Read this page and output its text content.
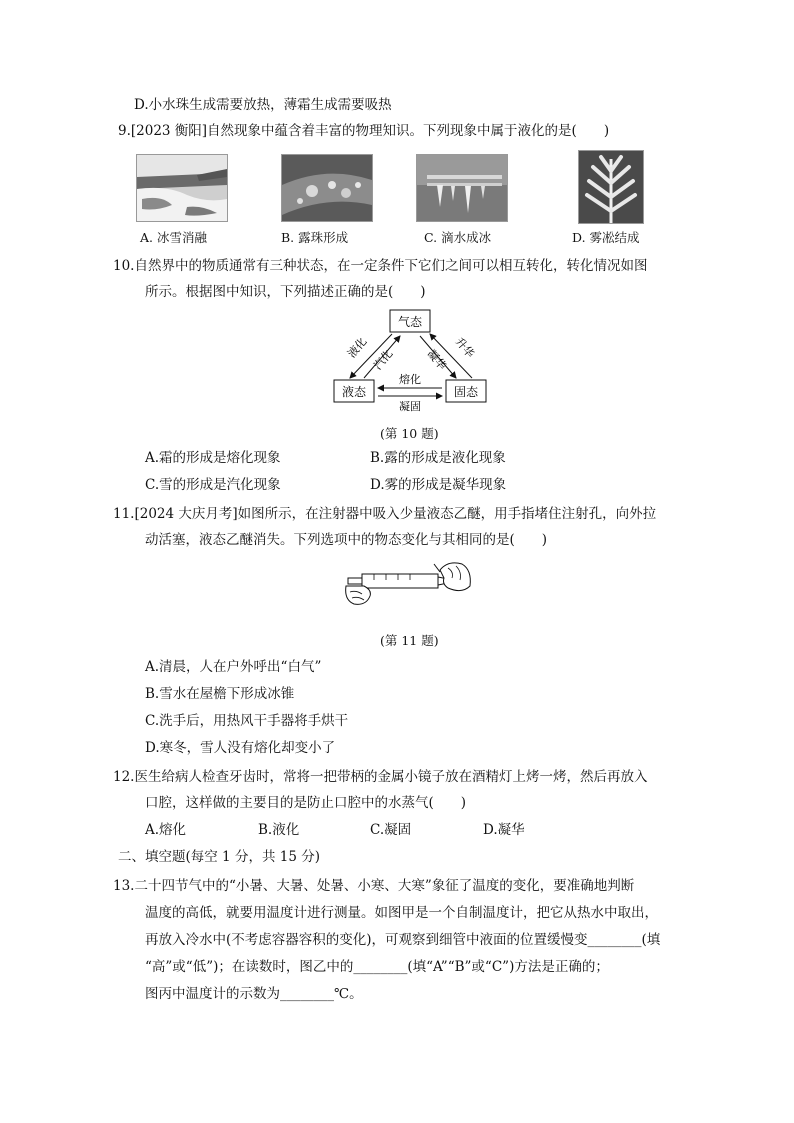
D.小水珠生成需要放热，薄霜生成需要吸热
9.[2023 衡阳]自然现象中蕴含着丰富的物理知识。下列现象中属于液化的是(　　)
A. 冰雪消融	B. 露珠形成	C. 滴水成冰	D. 雾凇结成
10.自然界中的物质通常有三种状态，在一定条件下它们之间可以相互转化，转化情况如图
所示。根据图中知识，下列描述正确的是(　　)
气态
液态	固态
液化 汽化	升华
凝华
熔化
凝固
(第 10 题)
A.霜的形成是熔化现象	B.露的形成是液化现象
C.雪的形成是汽化现象	D.雾的形成是凝华现象
11.[2024 大庆月考]如图所示，在注射器中吸入少量液态乙醚，用手指堵住注射孔，向外拉
动活塞，液态乙醚消失。下列选项中的物态变化与其相同的是(　　)
(第 11 题)
A.清晨，人在户外呼出“白气”
B.雪水在屋檐下形成冰锥
C.洗手后，用热风干手器将手烘干
D.寒冬，雪人没有熔化却变小了
12.医生给病人检查牙齿时，常将一把带柄的金属小镜子放在酒精灯上烤一烤，然后再放入
口腔，这样做的主要目的是防止口腔中的水蒸气(　　)
A.熔化	B.液化	C.凝固	D.凝华
二、填空题(每空 1 分，共 15 分)
13.二十四节气中的“小暑、大暑、处暑、小寒、大寒”象征了温度的变化，要准确地判断
温度的高低，就要用温度计进行测量。如图甲是一个自制温度计，把它从热水中取出，
再放入冷水中(不考虑容器容积的变化)，可观察到细管中液面的位置缓慢变________(填
“高”或“低”)；在读数时，图乙中的________(填“A”“B”或“C”)方法是正确的；
图丙中温度计的示数为________℃。
